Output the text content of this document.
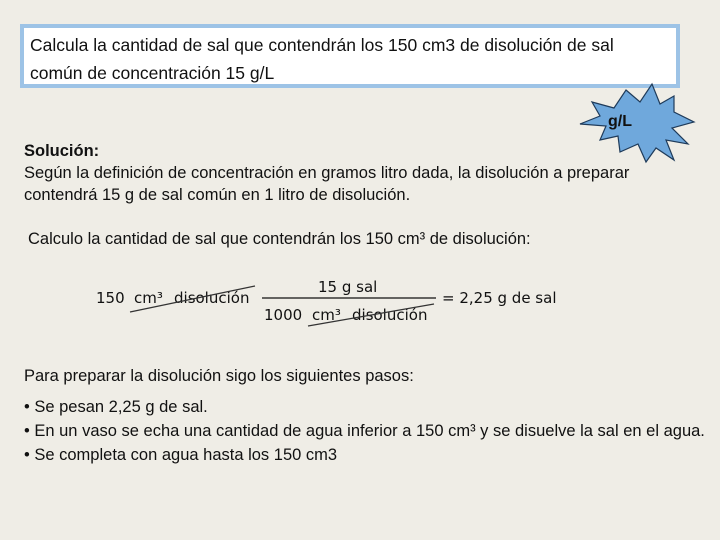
Calcula la cantidad de sal que contendrán los 150 cm3 de disolución de sal común de concentración 15 g/L
g/L
Solución:
Según la definición de concentración en gramos litro dada, la disolución a preparar contendrá 15 g de sal común en 1 litro de disolución.
Calculo la cantidad de sal que contendrán los 150 cm³ de disolución:
150 cm³ disolución
15 g sal
1000 cm³ disolución
= 2,25 g de sal

Para preparar la disolución sigo los siguientes pasos:

• Se pesan 2,25 g de sal.

• En un vaso se echa una cantidad de agua inferior a 150 cm³ y se disuelve la sal en el agua.

• Se completa con agua hasta los 150 cm3
